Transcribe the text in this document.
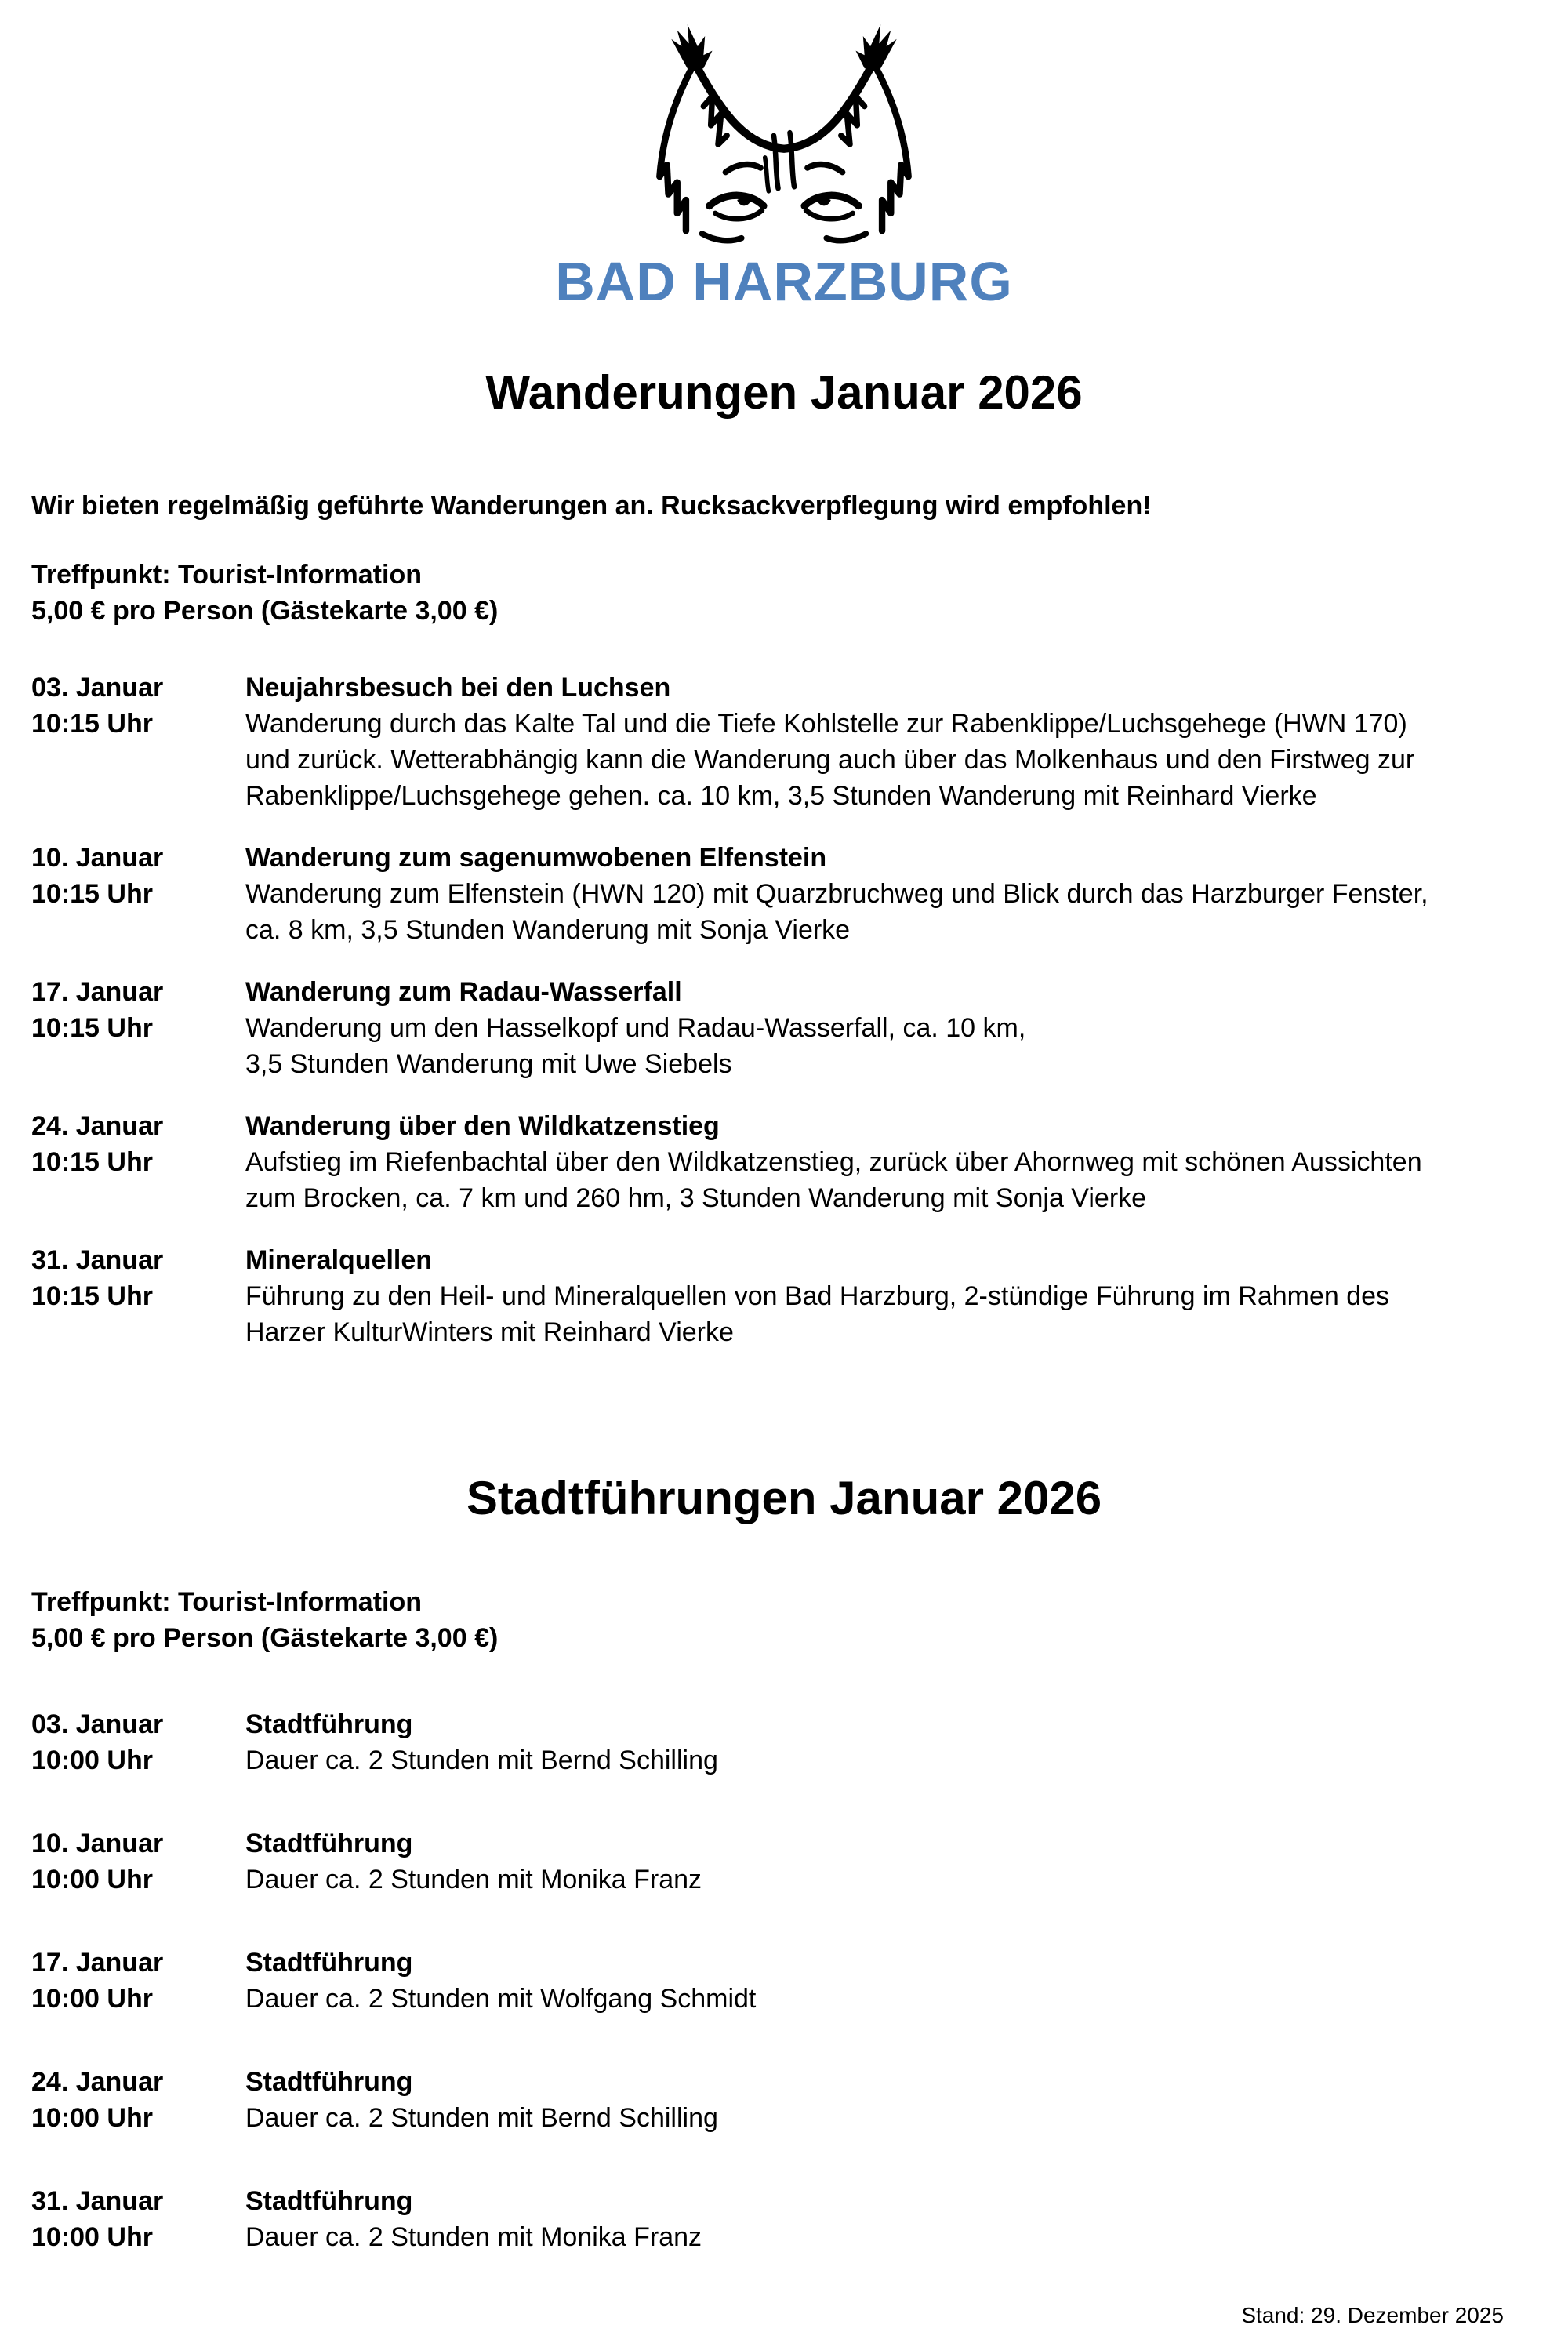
BAD HARZBURG
Wanderungen Januar 2026

Wir bieten regelmäßig geführte Wanderungen an. Rucksackverpflegung wird empfohlen!

Treffpunkt: Tourist-Information
5,00 € pro Person (Gästekarte 3,00 €)
03. Januar
10:15 Uhr
Neujahrsbesuch bei den Luchsen
Wanderung durch das Kalte Tal und die Tiefe Kohlstelle zur Rabenklippe/Luchsgehege (HWN 170)
und zurück. Wetterabhängig kann die Wanderung auch über das Molkenhaus und den Firstweg zur
Rabenklippe/Luchsgehege gehen. ca. 10 km, 3,5 Stunden Wanderung mit Reinhard Vierke
10. Januar
10:15 Uhr
Wanderung zum sagenumwobenen Elfenstein
Wanderung zum Elfenstein (HWN 120) mit Quarzbruchweg und Blick durch das Harzburger Fenster,
ca. 8 km, 3,5 Stunden Wanderung mit Sonja Vierke
17. Januar
10:15 Uhr
Wanderung zum Radau-Wasserfall
Wanderung um den Hasselkopf und Radau-Wasserfall, ca. 10 km,
3,5 Stunden Wanderung mit Uwe Siebels
24. Januar
10:15 Uhr
Wanderung über den Wildkatzenstieg
Aufstieg im Riefenbachtal über den Wildkatzenstieg, zurück über Ahornweg mit schönen Aussichten
zum Brocken, ca. 7 km und 260 hm, 3 Stunden Wanderung mit Sonja Vierke
31. Januar
10:15 Uhr
Mineralquellen
Führung zu den Heil- und Mineralquellen von Bad Harzburg, 2-stündige Führung im Rahmen des
Harzer KulturWinters mit Reinhard Vierke
Stadtführungen Januar 2026
Treffpunkt: Tourist-Information
5,00 € pro Person (Gästekarte 3,00 €)
03. Januar
10:00 Uhr
Stadtführung
Dauer ca. 2 Stunden mit Bernd Schilling
10. Januar
10:00 Uhr
Stadtführung
Dauer ca. 2 Stunden mit Monika Franz
17. Januar
10:00 Uhr
Stadtführung
Dauer ca. 2 Stunden mit Wolfgang Schmidt
24. Januar
10:00 Uhr
Stadtführung
Dauer ca. 2 Stunden mit Bernd Schilling
31. Januar
10:00 Uhr
Stadtführung
Dauer ca. 2 Stunden mit Monika Franz
Stand: 29. Dezember 2025
